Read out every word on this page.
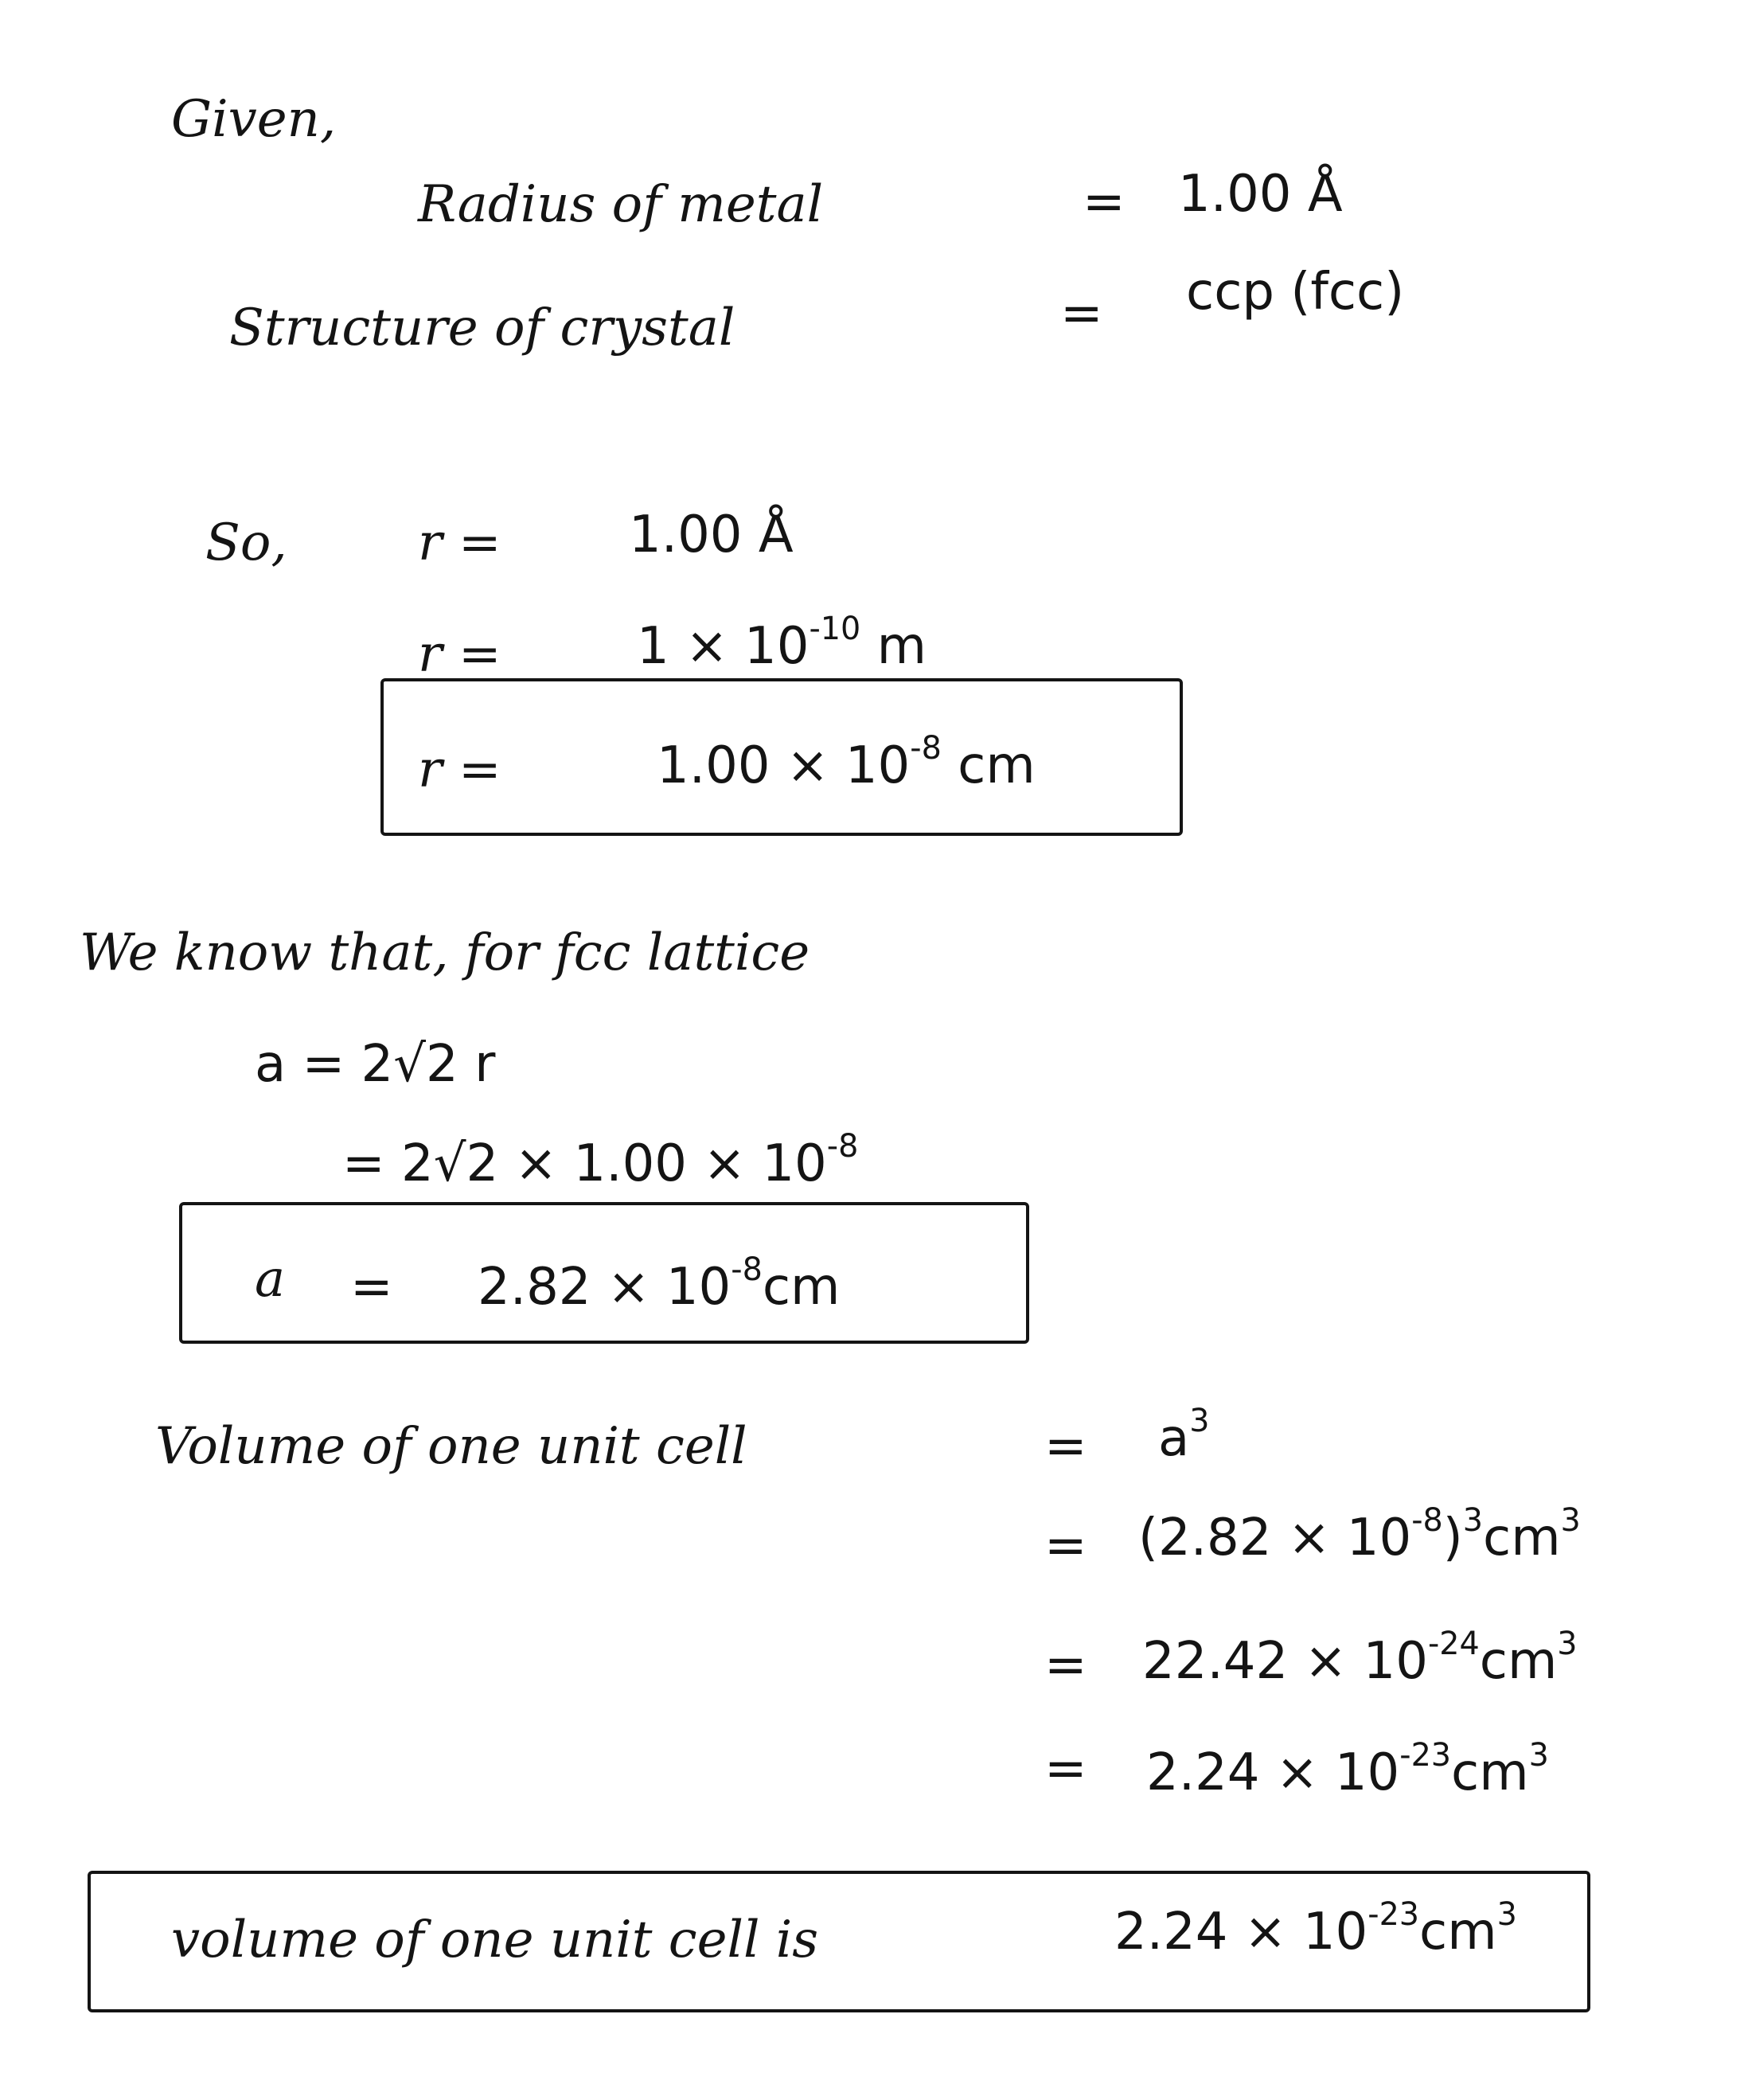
Given,
Radius of metal	= 1.00 Å
Structure of crystal	= ccp (fcc)
So,	r =	1.00 Å
r =	$1 \times 10^{-10}$ m
r =	$1.00 \times 10^{-8}$ cm
We know that, for fcc lattice
a = 2√2 r
= $2√2 \times 1.00 \times 10^{-8}$
$a = 2.82 \times 10^{-8}cm$
Volume of one unit cell	= $a^3$
= $(2.82 \times 10^{-8})^3cm^3$
= $22.42 \times 10^{-24}cm^3$
= $2.24 \times 10^{-23}cm^3$
volume of one unit cell is	$2.24 \times 10^{-23}cm^3$
